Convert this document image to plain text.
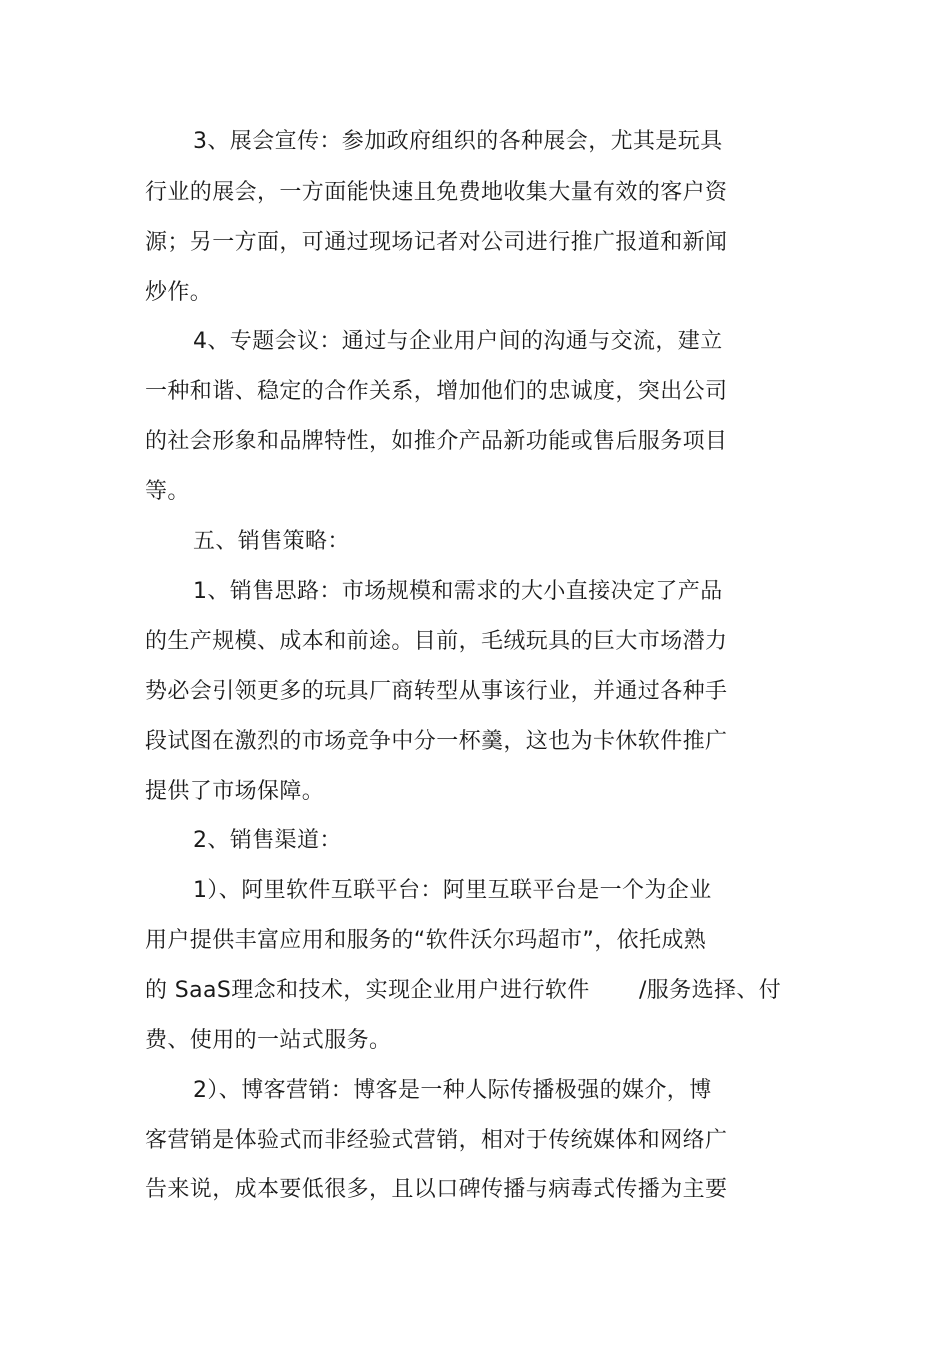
3、展会宣传：参加政府组织的各种展会，尤其是玩具
行业的展会，一方面能快速且免费地收集大量有效的客户资
源；另一方面，可通过现场记者对公司进行推广报道和新闻
炒作。
4、专题会议：通过与企业用户间的沟通与交流，建立
一种和谐、稳定的合作关系，增加他们的忠诚度，突出公司
的社会形象和品牌特性，如推介产品新功能或售后服务项目
等。
五、销售策略：
1、销售思路：市场规模和需求的大小直接决定了产品
的生产规模、成本和前途。目前，毛绒玩具的巨大市场潜力
势必会引领更多的玩具厂商转型从事该行业，并通过各种手
段试图在激烈的市场竞争中分一杯羹，这也为卡休软件推广
提供了市场保障。
2、销售渠道：
1）、阿里软件互联平台：阿里互联平台是一个为企业
用户提供丰富应用和服务的“软件沃尔玛超市”，依托成熟
的 SaaS理念和技术，实现企业用户进行软件 /服务选择、付
费、使用的一站式服务。
2）、博客营销：博客是一种人际传播极强的媒介，博
客营销是体验式而非经验式营销，相对于传统媒体和网络广
告来说，成本要低很多，且以口碑传播与病毒式传播为主要
